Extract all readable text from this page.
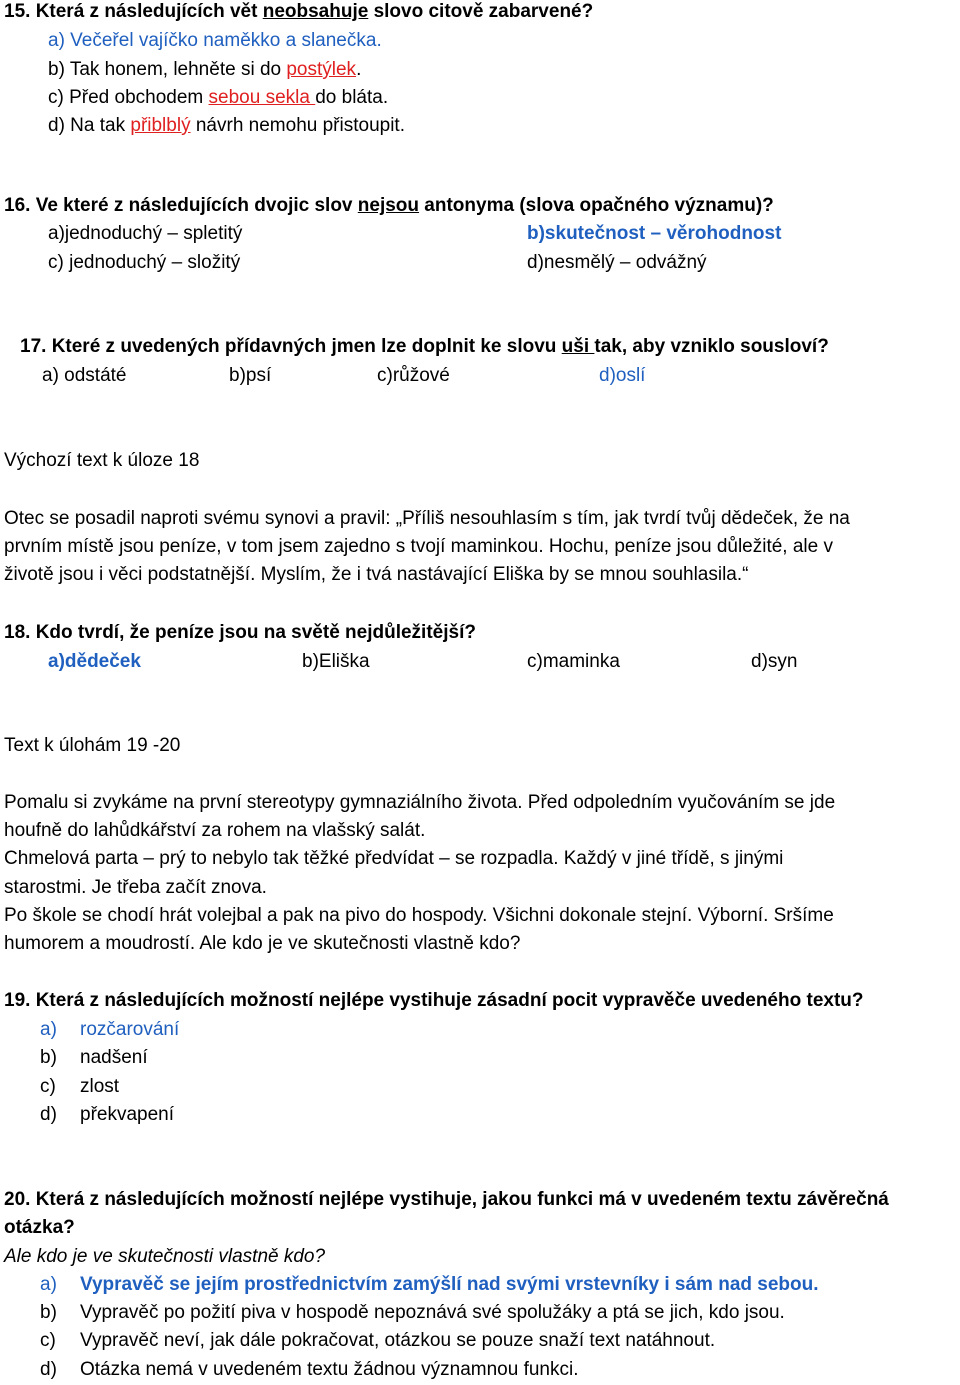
15. Která z následujících vět neobsahuje slovo citově zabarvené?
a) Večeřel vajíčko naměkko a slanečka.
b) Tak honem, lehněte si do postýlek.
c) Před obchodem sebou sekla do bláta.
d) Na tak přiblblý návrh nemohu přistoupit.
16. Ve které z následujících dvojic slov nejsou antonyma (slova opačného významu)?
a)jednoduchý – spletitý	b)skutečnost – věrohodnost
c) jednoduchý – složitý	d)nesmělý – odvážný
17. Které z uvedených přídavných jmen lze doplnit ke slovu uši tak, aby vzniklo sousloví?
a) odstáté	b)psí	c)růžové	d)oslí
Výchozí text k úloze 18
Otec se posadil naproti svému synovi a pravil: „Příliš nesouhlasím s tím, jak tvrdí tvůj dědeček, že na
prvním místě jsou peníze, v tom jsem zajedno s tvojí maminkou. Hochu, peníze jsou důležité, ale v
životě jsou i věci podstatnější. Myslím, že i tvá nastávající Eliška by se mnou souhlasila.“
18. Kdo tvrdí, že peníze jsou na světě nejdůležitější?
a)dědeček	b)Eliška	c)maminka	d)syn
Text k úlohám 19 -20
Pomalu si zvykáme na první stereotypy gymnaziálního života. Před odpoledním vyučováním se jde
houfně do lahůdkářství za rohem na vlašský salát.
Chmelová parta – prý to nebylo tak těžké předvídat – se rozpadla. Každý v jiné třídě, s jinými
starostmi. Je třeba začít znova.
Po škole se chodí hrát volejbal a pak na pivo do hospody. Všichni dokonale stejní. Výborní. Sršíme
humorem a moudrostí. Ale kdo je ve skutečnosti vlastně kdo?
19. Která z následujících možností nejlépe vystihuje zásadní pocit vypravěče uvedeného textu?
a) rozčarování
b) nadšení
c) zlost
d) překvapení
20. Která z následujících možností nejlépe vystihuje, jakou funkci má v uvedeném textu závěrečná
otázka?
Ale kdo je ve skutečnosti vlastně kdo?
a) Vypravěč se jejím prostřednictvím zamýšlí nad svými vrstevníky i sám nad sebou.
b) Vypravěč po požití piva v hospodě nepoznává své spolužáky a ptá se jich, kdo jsou.
c) Vypravěč neví, jak dále pokračovat, otázkou se pouze snaží text natáhnout.
d) Otázka nemá v uvedeném textu žádnou významnou funkci.
